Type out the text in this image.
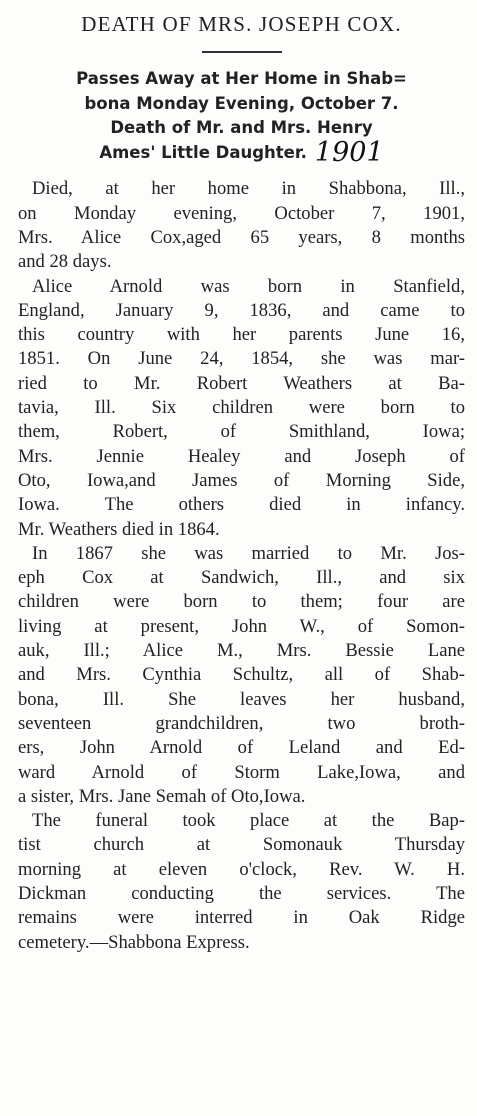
DEATH OF MRS. JOSEPH COX.
Passes Away at Her Home in Shab=
bona Monday Evening, October 7.
Death of Mr. and Mrs. Henry
Ames' Little Daughter. 1901
Died, at her home in Shabbona, Ill.,
on Monday evening, October 7, 1901,
Mrs. Alice Cox,aged 65 years, 8 months
and 28 days.
Alice Arnold was born in Stanfield,
England, January 9, 1836, and came to
this country with her parents June 16,
1851. On June 24, 1854, she was mar-
ried to Mr. Robert Weathers at Ba-
tavia, Ill. Six children were born to
them, Robert, of Smithland, Iowa;
Mrs. Jennie Healey and Joseph of
Oto, Iowa,and James of Morning Side,
Iowa. The others died in infancy.
Mr. Weathers died in 1864.
In 1867 she was married to Mr. Jos-
eph Cox at Sandwich, Ill., and six
children were born to them; four are
living at present, John W., of Somon-
auk, Ill.; Alice M., Mrs. Bessie Lane
and Mrs. Cynthia Schultz, all of Shab-
bona, Ill. She leaves her husband,
seventeen grandchildren, two broth-
ers, John Arnold of Leland and Ed-
ward Arnold of Storm Lake,Iowa, and
a sister, Mrs. Jane Semah of Oto,Iowa.
The funeral took place at the Bap-
tist church at Somonauk Thursday
morning at eleven o'clock, Rev. W. H.
Dickman conducting the services. The
remains were interred in Oak Ridge
cemetery.—Shabbona Express.
